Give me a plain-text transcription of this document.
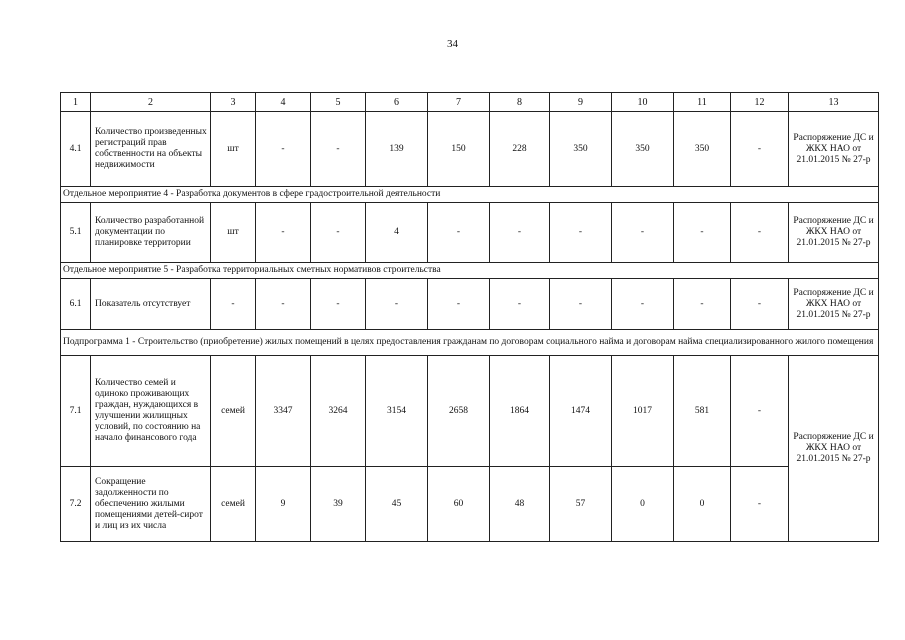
34
1	2	3	4	5	6	7	8	9	10	11	12	13
4.1	Количество произведенных регистраций прав собственности на объекты недвижимости	шт	-	-	139	150	228	350	350	350	-	Распоряжение ДС и ЖКХ НАО от 21.01.2015 № 27-р
Отдельное мероприятие 4 - Разработка документов в сфере градостроительной деятельности												
5.1	Количество разработанной документации по планировке территории	шт	-	-	4	-	-	-	-	-	-	Распоряжение ДС и ЖКХ НАО от 21.01.2015 № 27-р
Отдельное мероприятие 5 - Разработка территориальных сметных нормативов строительства												
6.1	Показатель отсутствует	-	-	-	-	-	-	-	-	-	-	Распоряжение ДС и ЖКХ НАО от 21.01.2015 № 27-р
Подпрограмма 1 - Строительство (приобретение) жилых помещений в целях предоставления гражданам по договорам социального найма и договорам найма специализированного жилого помещения												
7.1	Количество семей и одиноко проживающих граждан, нуждающихся в улучшении жилищных условий, по состоянию на начало финансового года	семей	3347	3264	3154	2658	1864	1474	1017	581	-	Распоряжение ДС и ЖКХ НАО от 21.01.2015 № 27-р
7.2	Сокращение задолженности по обеспечению жилыми помещениями детей-сирот и лиц из их числа	семей	9	39	45	60	48	57	0	0	-	
